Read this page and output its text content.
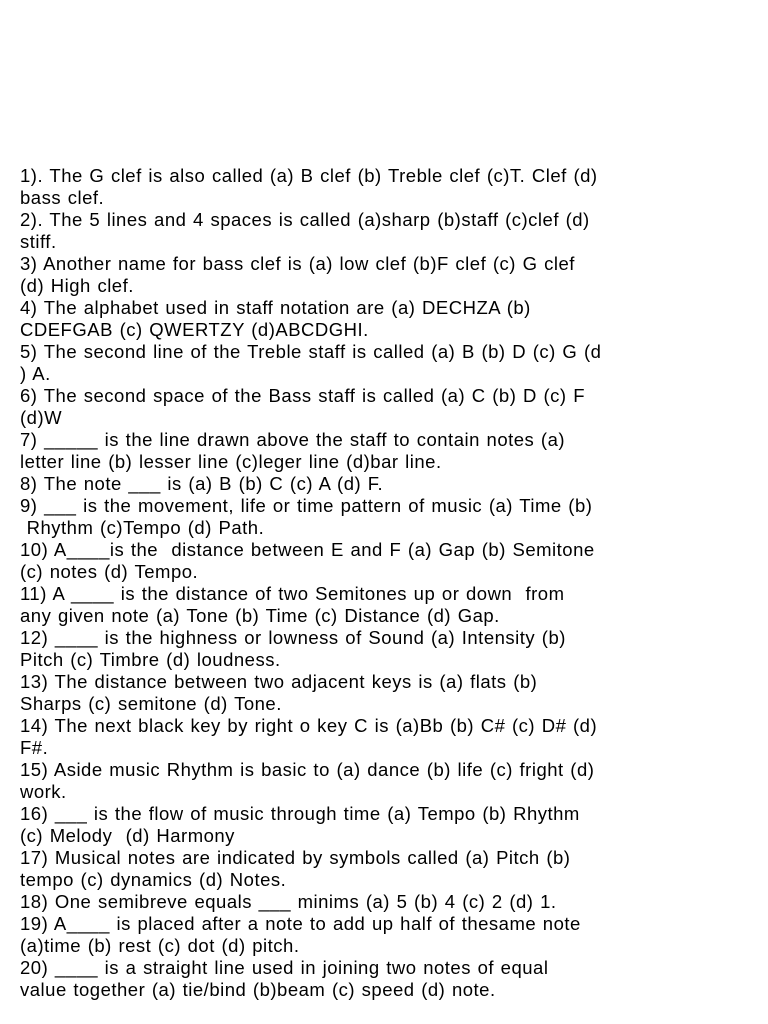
1). The G clef is also called (a) B clef (b) Treble clef (c)T. Clef (d)
bass clef.
2). The 5 lines and 4 spaces is called (a)sharp (b)staff (c)clef (d)
stiff.
3) Another name for bass clef is (a) low clef (b)F clef (c) G clef
(d) High clef.
4) The alphabet used in staff notation are (a) DECHZA (b)
CDEFGAB (c) QWERTZY (d)ABCDGHI.
5) The second line of the Treble staff is called (a) B (b) D (c) G (d
) A.
6) The second space of the Bass staff is called (a) C (b) D (c) F
(d)W
7) _____ is the line drawn above the staff to contain notes (a)
letter line (b) lesser line (c)leger line (d)bar line.
8) The note ___ is (a) B (b) C (c) A (d) F.
9) ___ is the movement, life or time pattern of music (a) Time (b)
Rhythm (c)Tempo (d) Path.
10) A____is the  distance between E and F (a) Gap (b) Semitone
(c) notes (d) Tempo.
11) A ____ is the distance of two Semitones up or down  from
any given note (a) Tone (b) Time (c) Distance (d) Gap.
12) ____ is the highness or lowness of Sound (a) Intensity (b)
Pitch (c) Timbre (d) loudness.
13) The distance between two adjacent keys is (a) flats (b)
Sharps (c) semitone (d) Tone.
14) The next black key by right o key C is (a)Bb (b) C# (c) D# (d)
F#.
15) Aside music Rhythm is basic to (a) dance (b) life (c) fright (d)
work.
16) ___ is the flow of music through time (a) Tempo (b) Rhythm
(c) Melody  (d) Harmony
17) Musical notes are indicated by symbols called (a) Pitch (b)
tempo (c) dynamics (d) Notes.
18) One semibreve equals ___ minims (a) 5 (b) 4 (c) 2 (d) 1.
19) A____ is placed after a note to add up half of thesame note
(a)time (b) rest (c) dot (d) pitch.
20) ____ is a straight line used in joining two notes of equal
value together (a) tie/bind (b)beam (c) speed (d) note.
